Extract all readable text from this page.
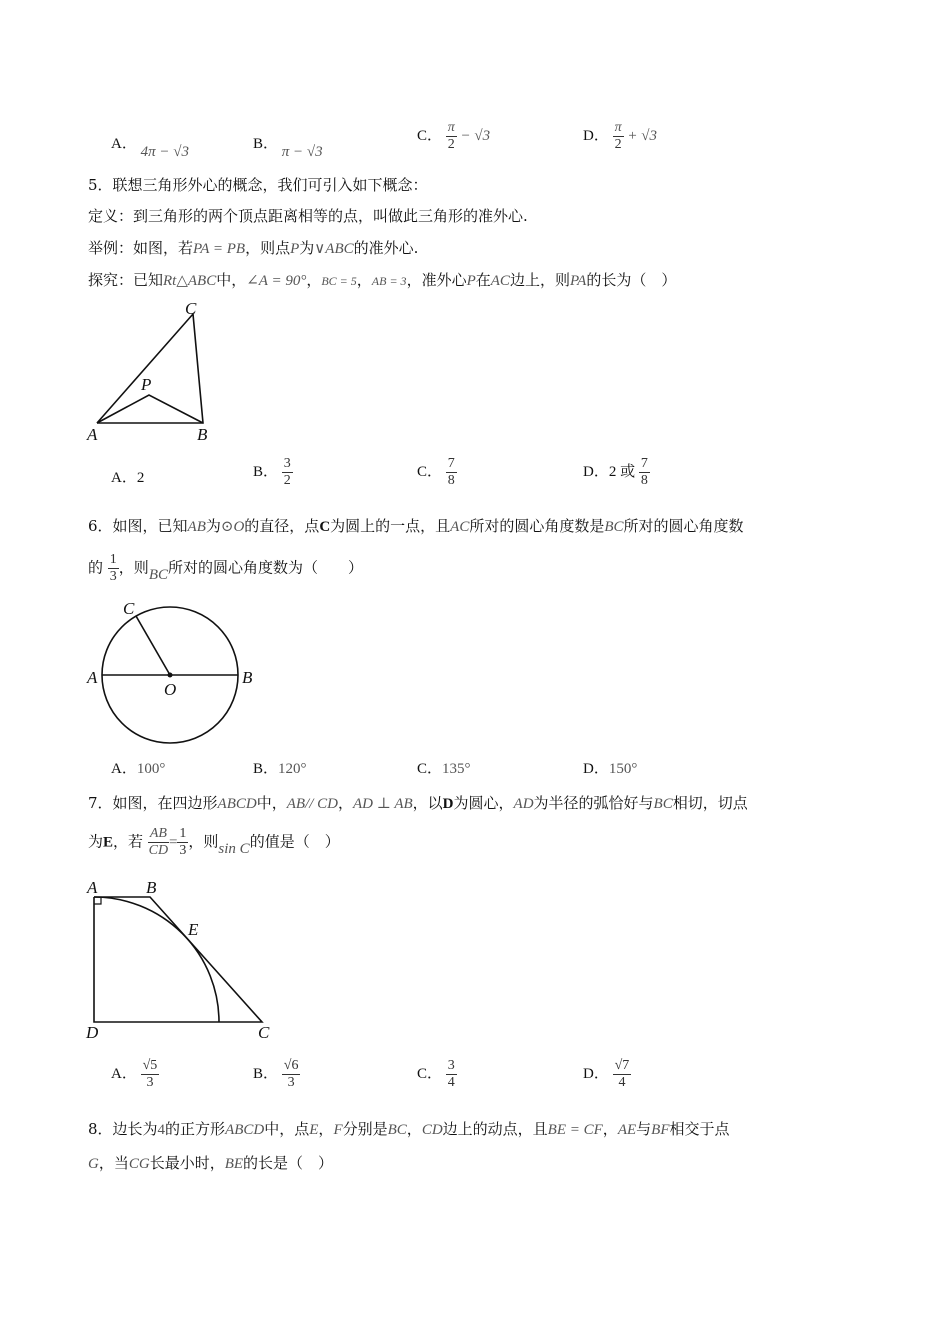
A． 4π − √3	B． π − √3
C． $\frac{\pi}{2} - √3$	D． $\frac{\pi}{2} + √3$
5．联想三角形外心的概念，我们可引入如下概念：
定义：到三角形的两个顶点距离相等的点，叫做此三角形的准外心.
举例：如图，若PA = PB，则点P为∨ABC的准外心.
探究：已知Rt△ABC中，∠A = 90°，BC = 5，AB = 3，准外心P在AC边上，则PA的长为（　）
C
P
A	B
A．2	B． $\frac{3}{2}$	C． $\frac{7}{8}$	D．2 或 $\frac{7}{8}$
6．如图，已知AB为⊙O的直径，点C为圆上的一点，且AC所对的圆心角度数是BC所对的圆心角度数
的 $\frac{1}{3}$ ，则BC所对的圆心角度数为（　　）
C
A	B
O
A．100°	B．120°	C．135°	D．150°
7．如图，在四边形ABCD中，AB// CD，AD ⊥ AB，以D为圆心，AD为半径的弧恰好与BC相切，切点
为E，若 $\frac{AB}{CD} = \frac{1}{3}$ ，则sin C的值是（　）
A	B
E
D	C
A． $\frac{√5}{3}$	B． $\frac{√6}{3}$	C． $\frac{3}{4}$	D． $\frac{√7}{4}$
8．边长为4的正方形ABCD中，点E，F分别是BC，CD边上的动点，且BE = CF，AE与BF相交于点
G，当CG长最小时，BE的长是（　）
